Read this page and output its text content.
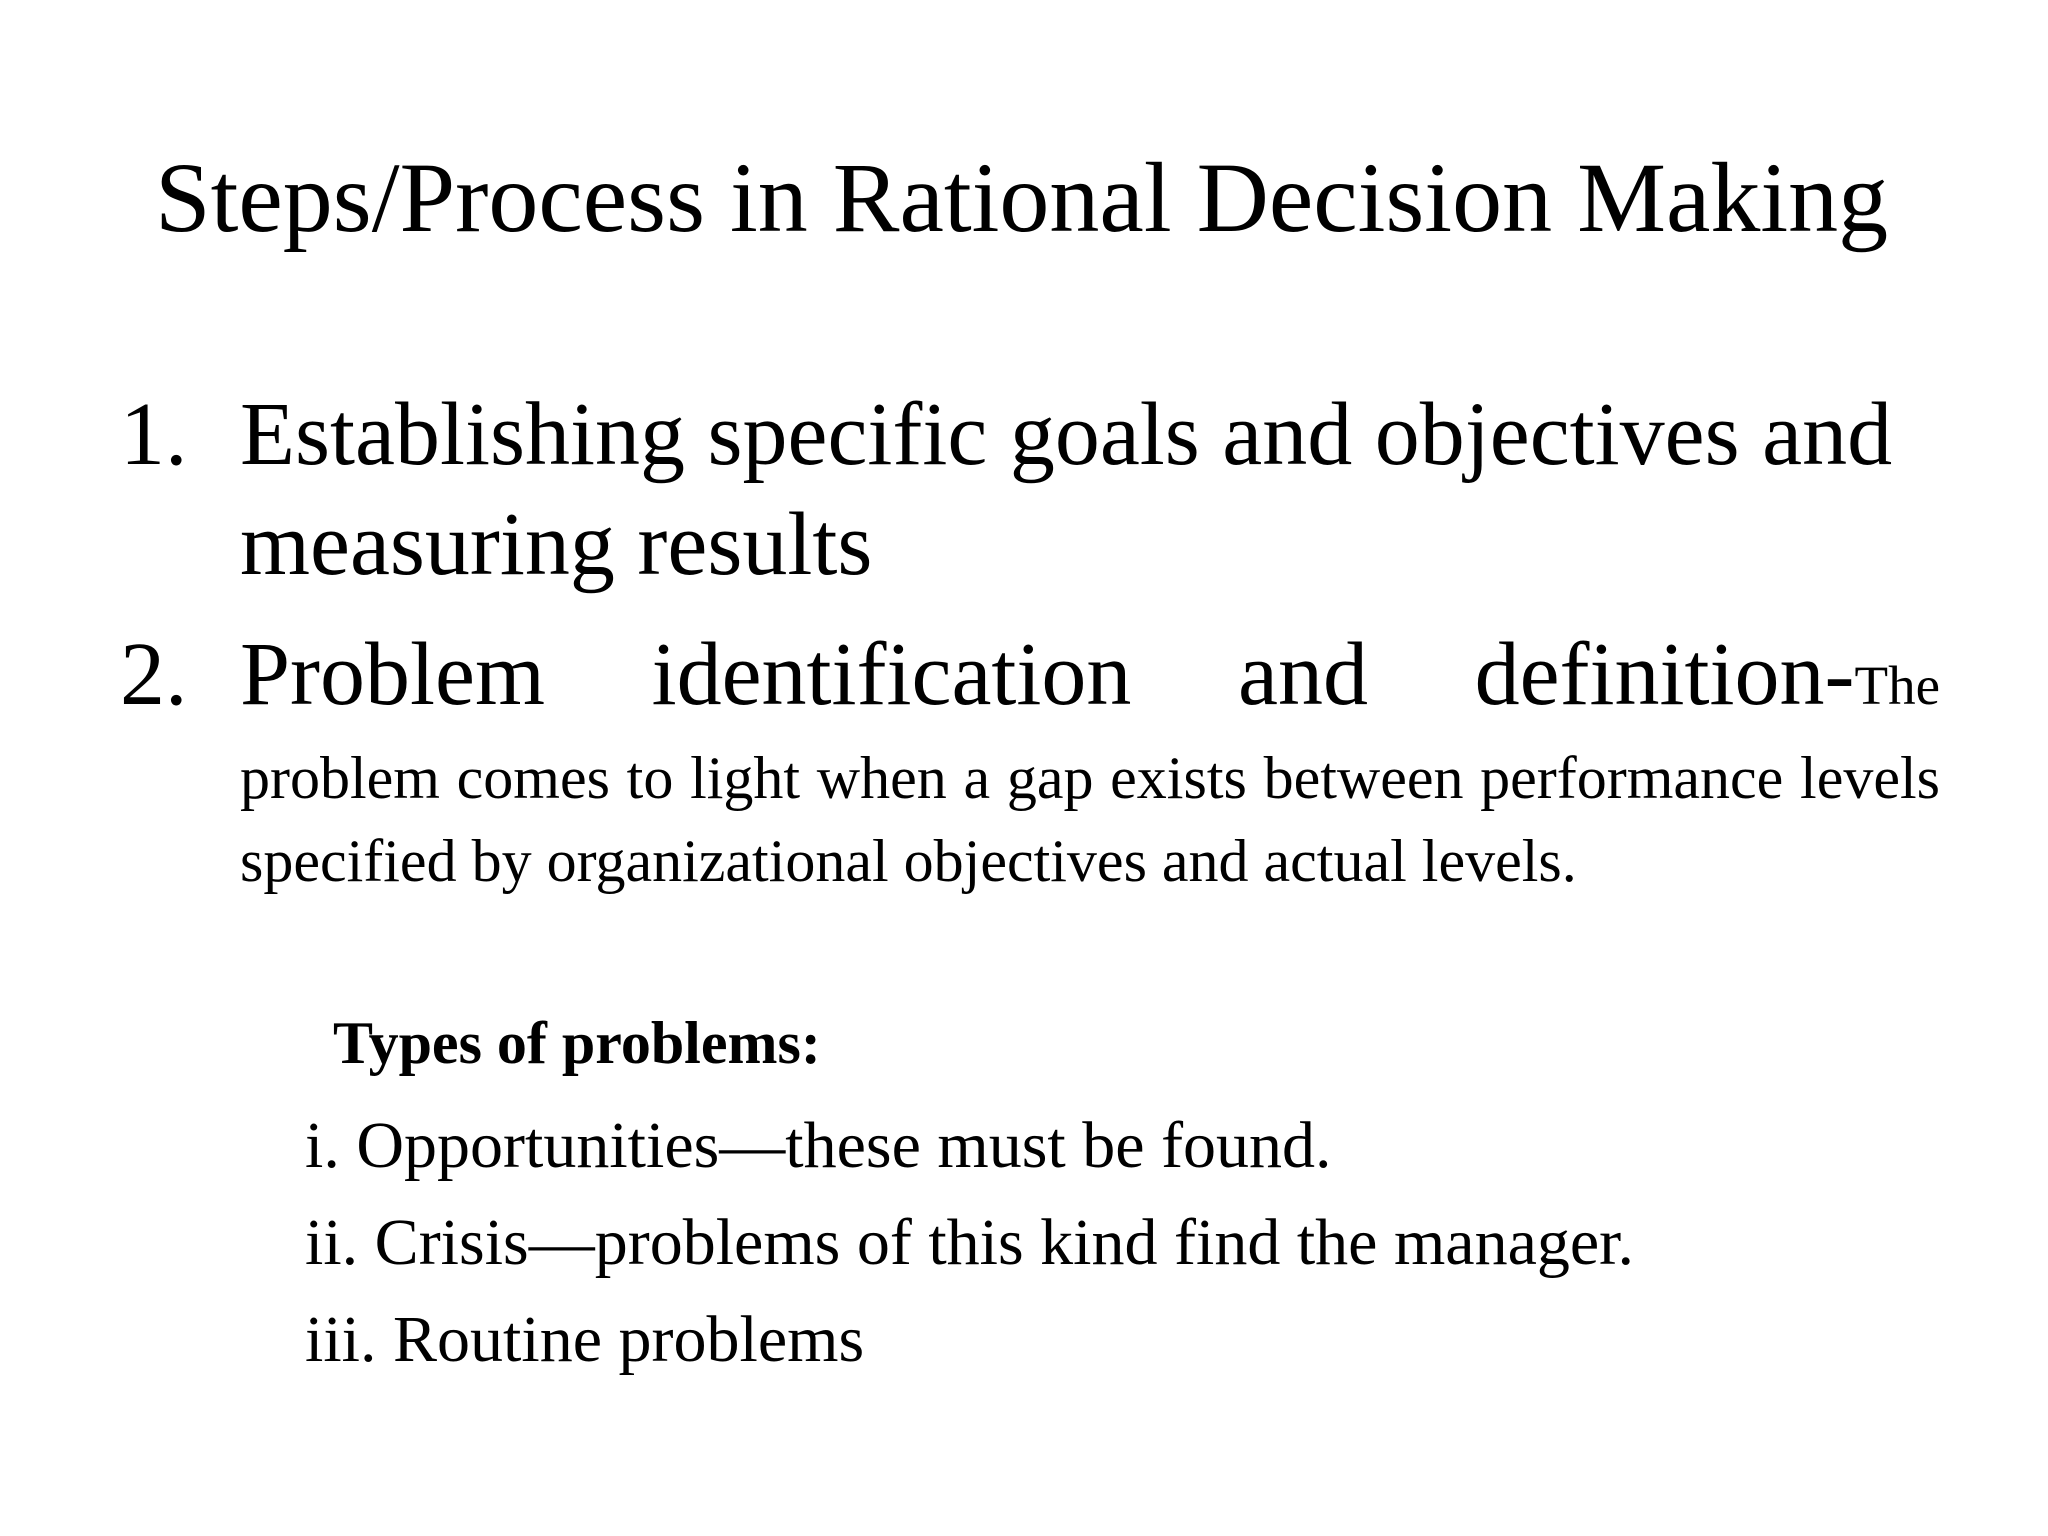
Steps/Process in Rational Decision Making
1. Establishing specific goals and objectives and measuring results
2. Problem identification and definition-The
problem comes to light when a gap exists between performance levels specified by organizational objectives and actual levels.
Types of problems:
i. Opportunities—these must be found.
ii. Crisis—problems of this kind find the manager.
iii. Routine problems
